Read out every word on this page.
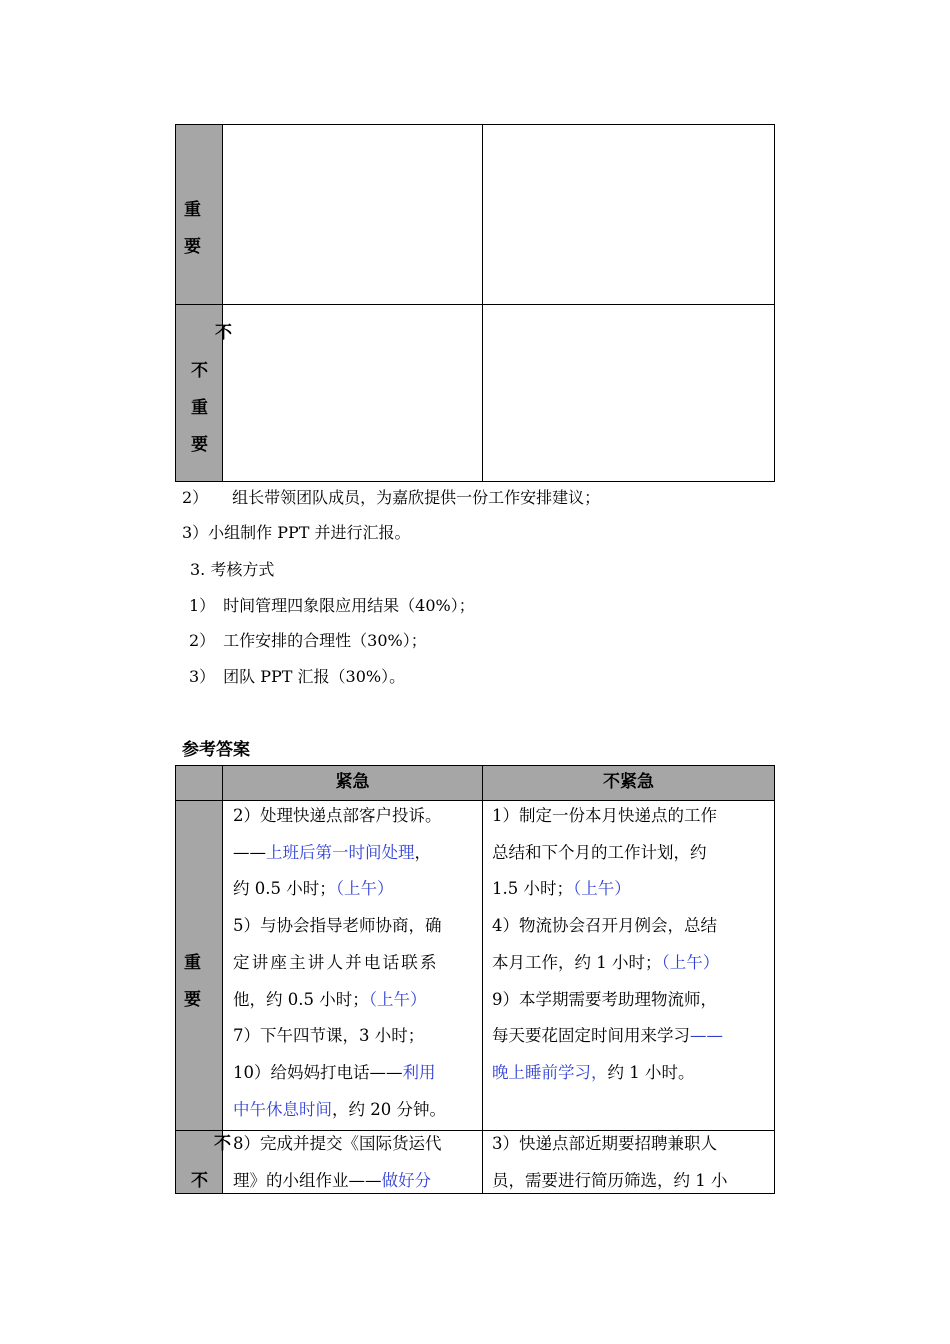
重
要
不
不
重
要
2）　　组长带领团队成员，为嘉欣提供一份工作安排建议；
3）小组制作 PPT 并进行汇报。
3. 考核方式
1）　时间管理四象限应用结果（40%）；
2）　工作安排的合理性（30%）；
3）　团队 PPT 汇报（30%）。
参考答案
紧急	不紧急
重
要
2）处理快递点部客户投诉。
——上班后第一时间处理，
约 0.5 小时；（上午）
5）与协会指导老师协商，确
定讲座主讲人并电话联系
他，约 0.5 小时；（上午）
7）下午四节课，3 小时；
10）给妈妈打电话——利用
中午休息时间，约 20 分钟。
1）制定一份本月快递点的工作
总结和下个月的工作计划，约
1.5 小时；（上午）
4）物流协会召开月例会，总结
本月工作，约 1 小时；（上午）
9）本学期需要考助理物流师，
每天要花固定时间用来学习——
晚上睡前学习，约 1 小时。
不
不
8）完成并提交《国际货运代
理》的小组作业——做好分
3）快递点部近期要招聘兼职人
员，需要进行简历筛选，约 1 小
